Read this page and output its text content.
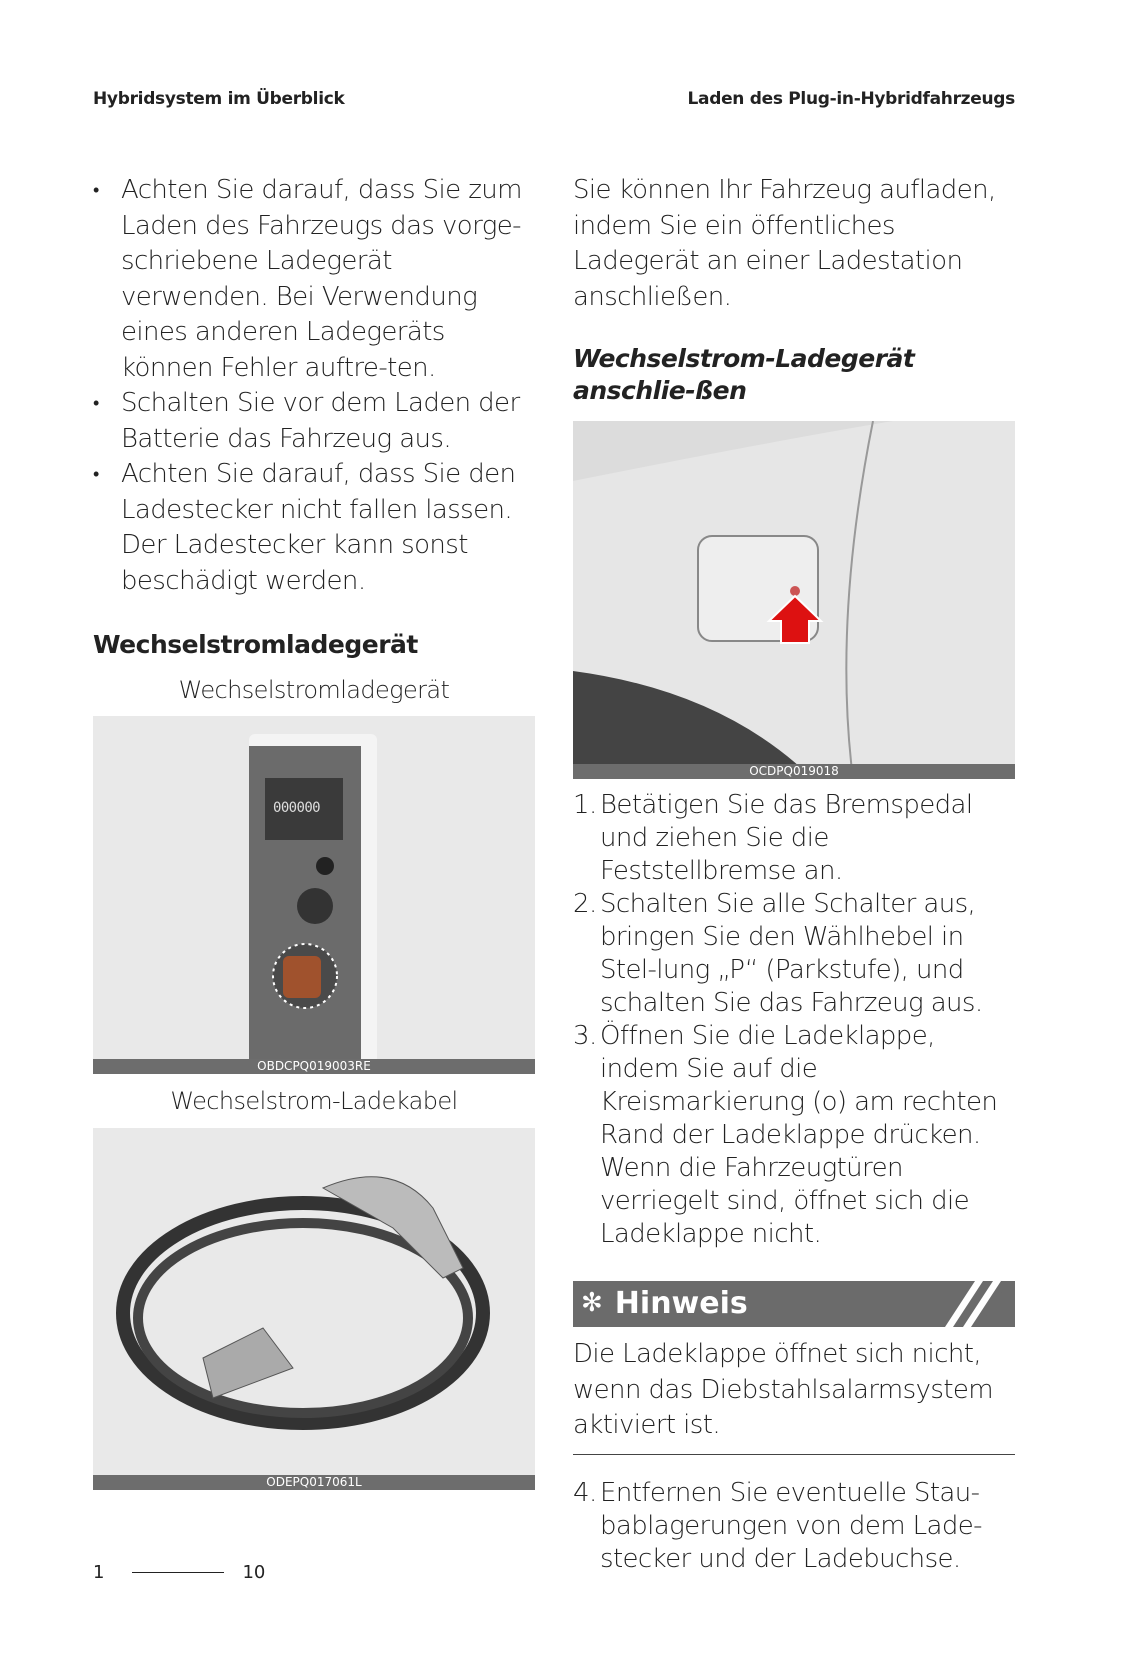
Hybridsystem im Überblick	Laden des Plug-in-Hybridfahrzeugs
• Achten Sie darauf, dass Sie zum Laden des Fahrzeugs das vorge-schriebene Ladegerät verwenden. Bei Verwendung eines anderen Ladegeräts können Fehler auftre-ten.
• Schalten Sie vor dem Laden der Batterie das Fahrzeug aus.
• Achten Sie darauf, dass Sie den Ladestecker nicht fallen lassen. Der Ladestecker kann sonst beschädigt werden.
Wechselstromladegerät
Wechselstromladegerät
000000
OBDCPQ019003RE
Wechselstrom-Ladekabel
ODEPQ017061L

Sie können Ihr Fahrzeug aufladen, indem Sie ein öffentliches Ladegerät an einer Ladestation anschließen.

Wechselstrom-Ladegerät anschlie-ßen
OCDPQ019018
1. Betätigen Sie das Bremspedal und ziehen Sie die Feststellbremse an.
2. Schalten Sie alle Schalter aus, bringen Sie den Wählhebel in Stel-lung „P“ (Parkstufe), und schalten Sie das Fahrzeug aus.
3. Öffnen Sie die Ladeklappe, indem Sie auf die Kreismarkierung (o) am rechten Rand der Ladeklappe drücken. Wenn die Fahrzeugtüren verriegelt sind, öffnet sich die Ladeklappe nicht.
✻ Hinweis

Die Ladeklappe öffnet sich nicht, wenn das Diebstahlsalarmsystem aktiviert ist.

4. Entfernen Sie eventuelle Stau-bablagerungen von dem Lade-stecker und der Ladebuchse.
1	10
